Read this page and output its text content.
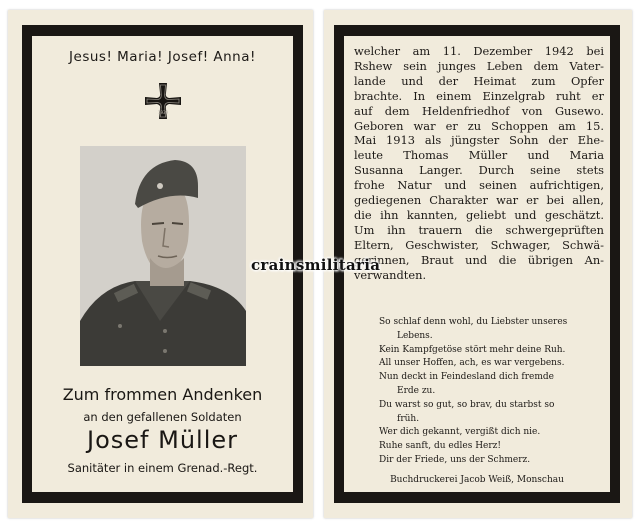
Jesus! Maria! Josef! Anna!
1939
Zum frommen Andenken
an den gefallenen Soldaten
Josef Müller
Sanitäter in einem Grenad.-Regt.
welcher am 11. Dezember 1942 bei
Rshew sein junges Leben dem Vater-
lande und der Heimat zum Opfer
brachte. In einem Einzelgrab ruht er
auf dem Heldenfriedhof von Gusewo.
Geboren war er zu Schoppen am 15.
Mai 1913 als jüngster Sohn der Ehe-
leute Thomas Müller und Maria
Susanna Langer. Durch seine stets
frohe Natur und seinen aufrichtigen,
gediegenen Charakter war er bei allen,
die ihn kannten, geliebt und geschätzt.
Um ihn trauern die schwergeprüften
Eltern, Geschwister, Schwager, Schwä-
gerinnen, Braut und die übrigen An-
verwandten.
So schlaf denn wohl, du Liebster unseres
Lebens.
Kein Kampfgetöse stört mehr deine Ruh.
All unser Hoffen, ach, es war vergebens.
Nun deckt in Feindesland dich fremde
Erde zu.
Du warst so gut, so brav, du starbst so
früh.
Wer dich gekannt, vergißt dich nie.
Ruhe sanft, du edles Herz!
Dir der Friede, uns der Schmerz.
Buchdruckerei Jacob Weiß, Monschau
crainsmilitaria
